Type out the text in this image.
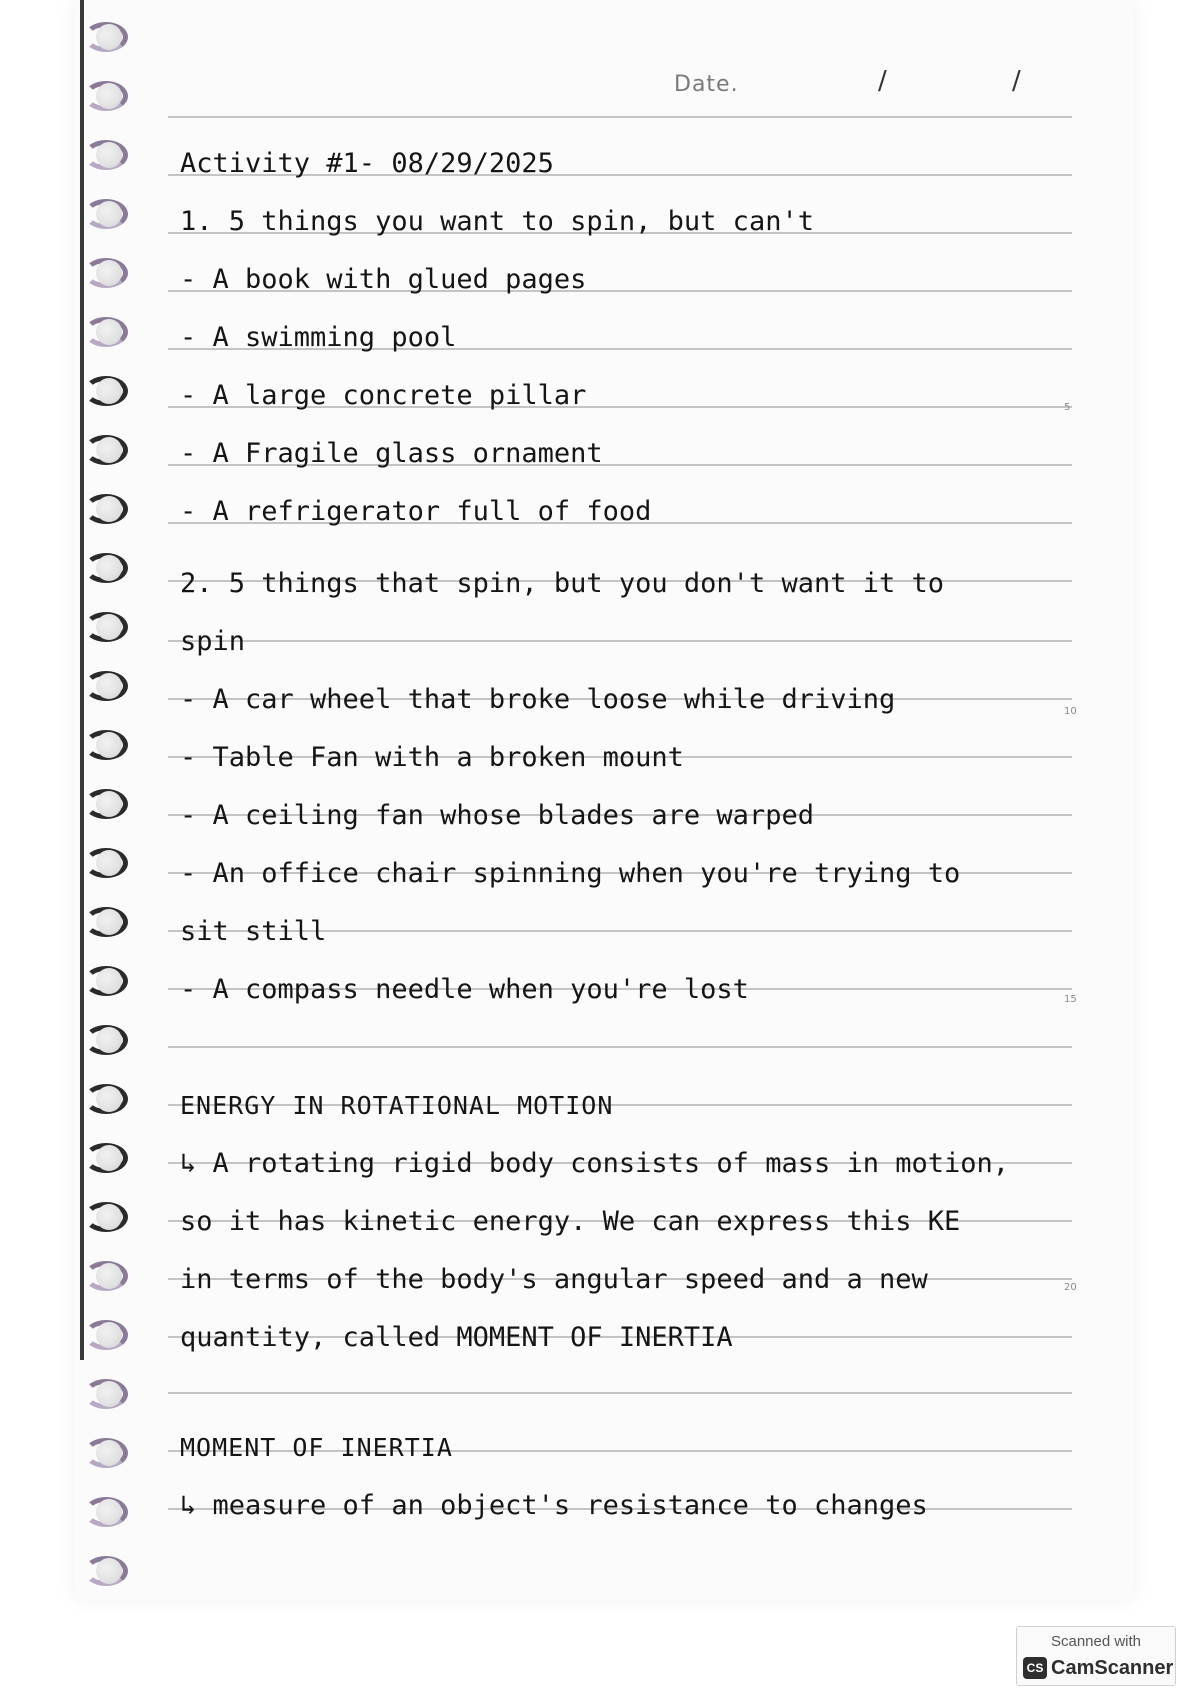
Date.	/	/
5
10
15
20
Activity #1- 08/29/2025
1. 5 things you want to spin, but can't
- A book with glued pages
- A swimming pool
- A large concrete pillar
- A Fragile glass ornament
- A refrigerator full of food
2. 5 things that spin, but you don't want it to
spin
- A car wheel that broke loose while driving
- Table Fan with a broken mount
- A ceiling fan whose blades are warped
- An office chair spinning when you're trying to
sit still
- A compass needle when you're lost
ENERGY IN ROTATIONAL MOTION
↳ A rotating rigid body consists of mass in motion,
so it has kinetic energy. We can express this KE
in terms of the body's angular speed and a new
quantity, called MOMENT OF INERTIA
MOMENT OF INERTIA
↳ measure of an object's resistance to changes
Scanned with
CS CamScanner
